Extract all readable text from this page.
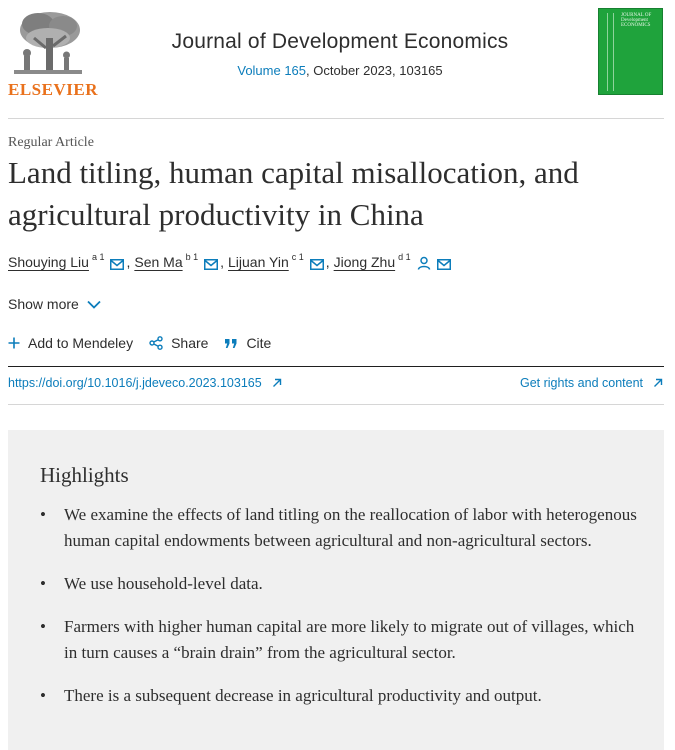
ELSEVIER
Journal of Development Economics
Volume 165, October 2023, 103165
JOURNAL OF Development ECONOMICS
Regular Article
Land titling, human capital misallocation, and agricultural productivity in China
Shouying Liu a 1 , Sen Ma b 1 , Lijuan Yin c 1 , Jiong Zhu d 1
Show more
Add to Mendeley	Share	Cite
https://doi.org/10.1016/j.jdeveco.2023.103165	Get rights and content
Highlights
• We examine the effects of land titling on the reallocation of labor with heterogenous human capital endowments between agricultural and non-agricultural sectors.
• We use household-level data.
• Farmers with higher human capital are more likely to migrate out of villages, which in turn causes a “brain drain” from the agricultural sector.
• There is a subsequent decrease in agricultural productivity and output.
